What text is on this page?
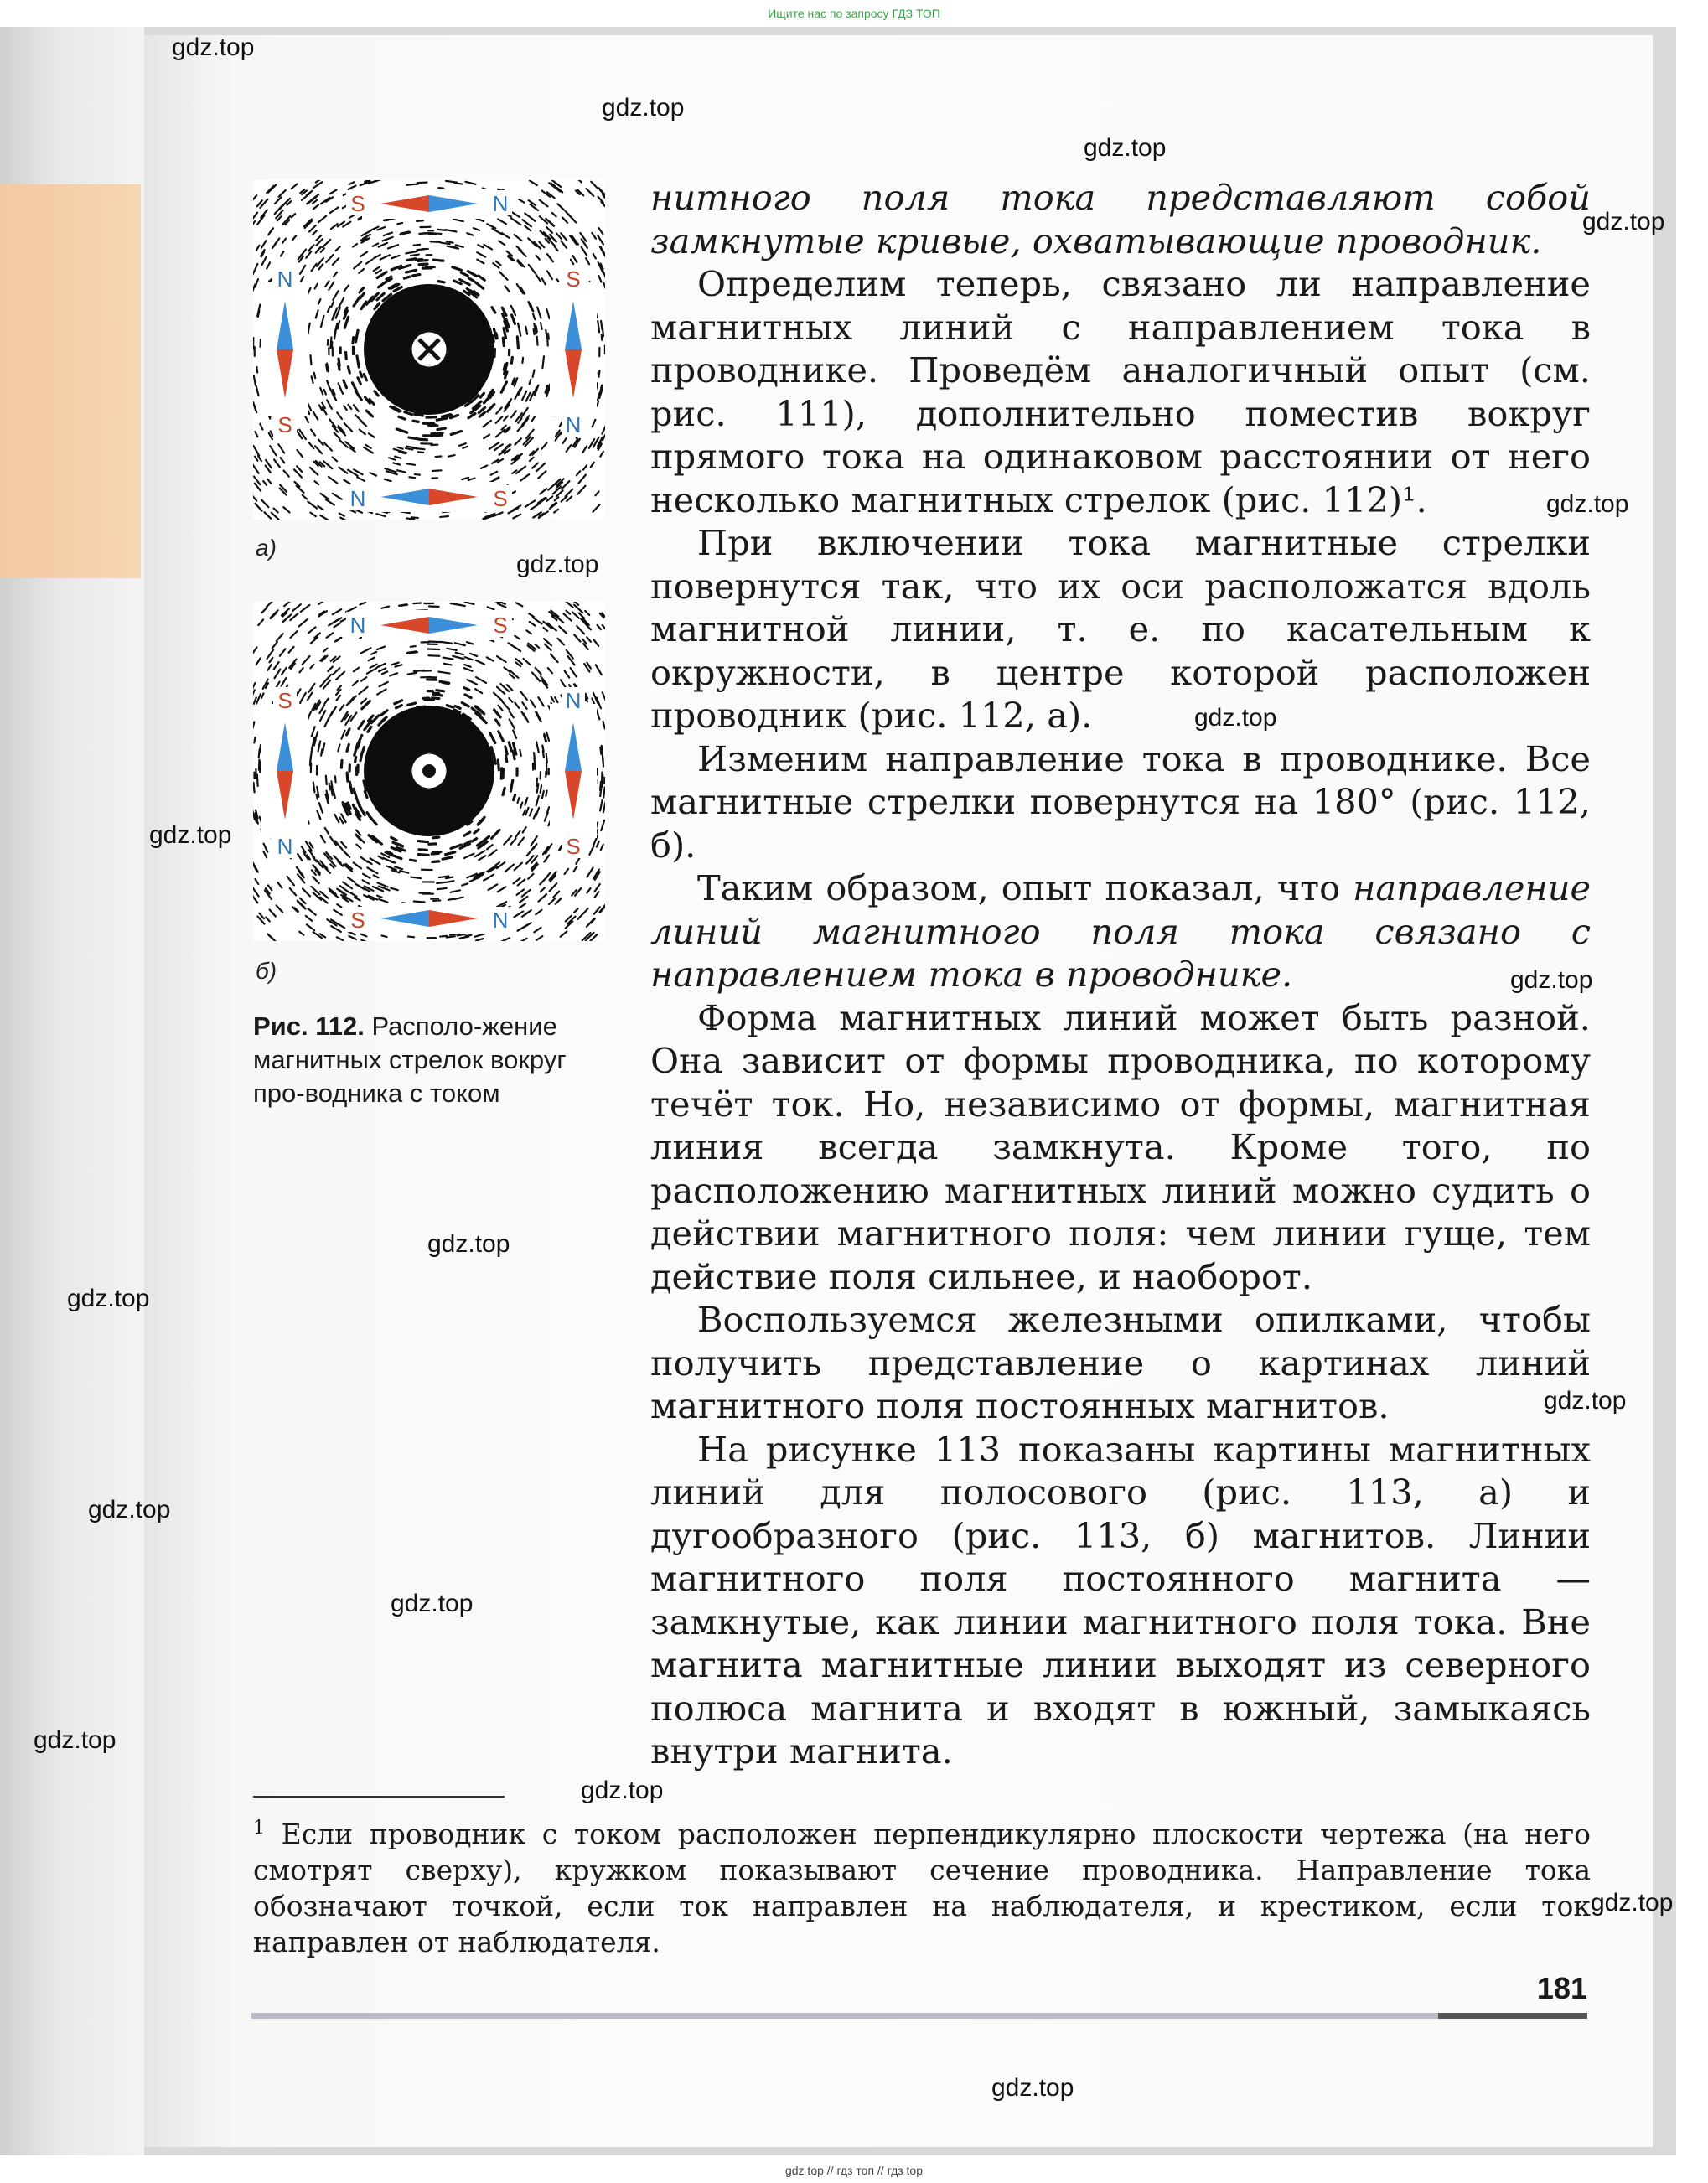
Ищите нас по запросу ГДЗ ТОП
S	N
N	S
S	N
N	S
а)
N	S
S	N
N	S
S	N
б)
Рис. 112. Располо-жение магнитных стрелок вокруг про-водника с током

нитного поля тока представляют собой замкнутые кривые, охватывающие проводник.

Определим теперь, связано ли направление магнитных линий с направлением тока в проводнике. Проведём аналогичный опыт (см. рис. 111), дополнительно поместив вокруг прямого тока на одинаковом расстоянии от него несколько магнитных стрелок (рис. 112)¹.

При включении тока магнитные стрелки повернутся так, что их оси расположатся вдоль магнитной линии, т. е. по касательным к окружности, в центре которой расположен проводник (рис. 112, а).

Изменим направление тока в проводнике. Все магнитные стрелки повернутся на 180° (рис. 112, б).

Таким образом, опыт показал, что направление линий магнитного поля тока связано с направлением тока в проводнике.

Форма магнитных линий может быть разной. Она зависит от формы проводника, по которому течёт ток. Но, независимо от формы, магнитная линия всегда замкнута. Кроме того, по расположению магнитных линий можно судить о действии магнитного поля: чем линии гуще, тем действие поля сильнее, и наоборот.

Воспользуемся железными опилками, чтобы получить представление о картинах линий магнитного поля постоянных магнитов.

На рисунке 113 показаны картины магнитных линий для полосового (рис. 113, а) и дугообразного (рис. 113, б) магнитов. Линии магнитного поля постоянного магнита — замкнутые, как линии магнитного поля тока. Вне магнита магнитные линии выходят из северного полюса магнита и входят в южный, замыкаясь внутри магнита.

$^1$ Если проводник с током расположен перпендикулярно плоскости чертежа (на него смотрят сверху), кружком показывают сечение проводника. Направление тока обозначают точкой, если ток направлен на наблюдателя, и крестиком, если ток направлен от наблюдателя.
181
gdz.top
gdz.top
gdz.top
gdz.top
gdz.top
gdz.top
gdz.top
gdz.top
gdz.top
gdz.top
gdz.top
gdz.top
gdz.top
gdz.top
gdz.top
gdz.top
gdz.top
gdz.top
gdz top // гдз топ // гдз top
